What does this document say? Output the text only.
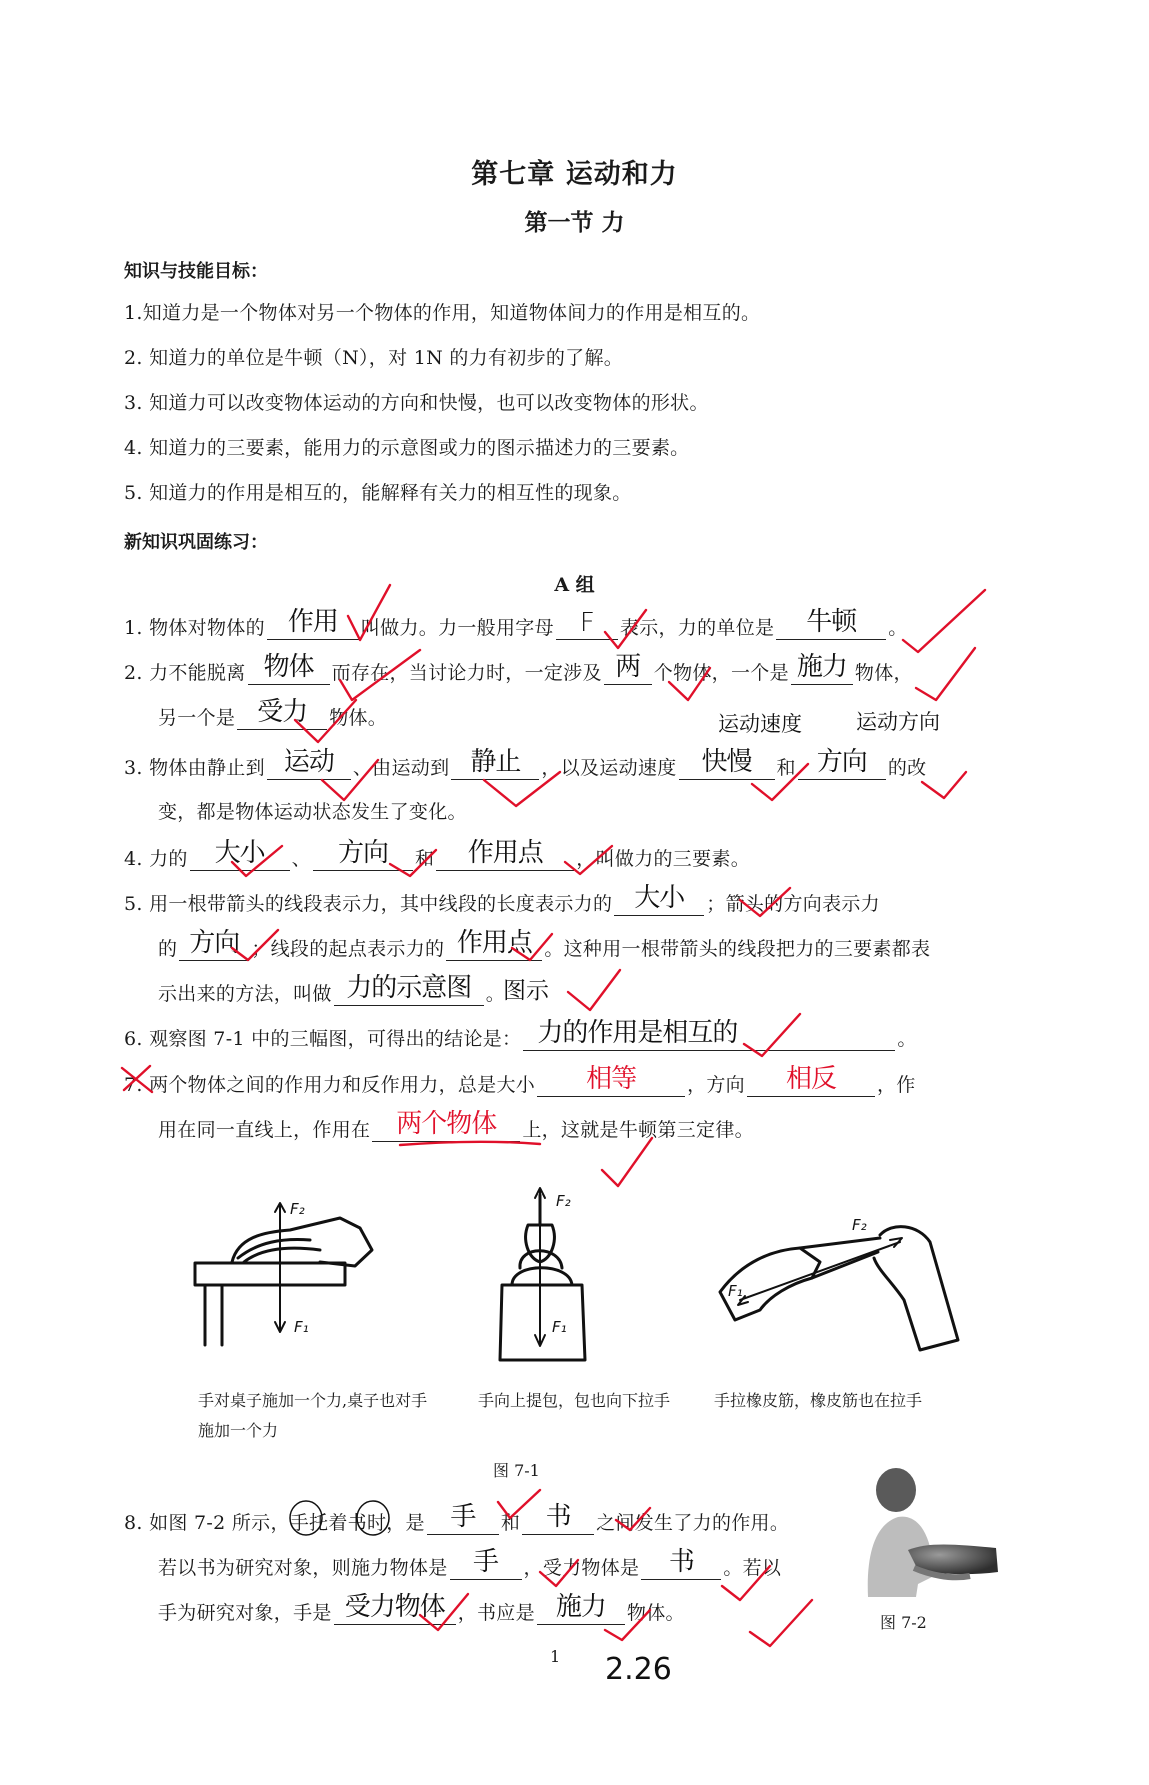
第七章 运动和力
第一节 力
知识与技能目标：
1.知道力是一个物体对另一个物体的作用，知道物体间力的作用是相互的。
2. 知道力的单位是牛顿（N），对 1N 的力有初步的了解。
3. 知道力可以改变物体运动的方向和快慢，也可以改变物体的形状。
4. 知道力的三要素，能用力的示意图或力的图示描述力的三要素。
5. 知道力的作用是相互的，能解释有关力的相互性的现象。
新知识巩固练习：
A 组
1. 物体对物体的 作用	叫做力。力一般用字母	F	表示，力的单位是	牛顿	。
2. 力不能脱离 物体 而存在，当讨论力时，一定涉及 两 个物体，一个是 施力 物体，
另一个是 受力	物体。	运动速度	运动方向
3. 物体由静止到 运动	、由运动到 静止	，以及运动速度 快慢	和 方向	的改
变，都是物体运动状态发生了变化。
4. 力的	大小	、	方向	和	作用点	，叫做力的三要素。
5. 用一根带箭头的线段表示力，其中线段的长度表示力的 大小	；箭头的方向表示力
的 方向 ；线段的起点表示力的 作用点 。这种用一根带箭头的线段把力的三要素都表
示出来的方法，叫做 力的示意图 。
图示
6. 观察图 7-1 中的三幅图，可得出的结论是： 力的作用是相互的	。
7. 两个物体之间的作用力和反作用力，总是大小	相等	，方向	相反	，作
用在同一直线上，作用在 两个物体	上，这就是牛顿第三定律。
F₂
F₁
F₂
F₁
F₂
F₁
手对桌子施加一个力,桌子也对手施加一个力
手向上提包，包也向下拉手	手拉橡皮筋，橡皮筋也在拉手
图 7-1
8. 如图 7-2 所示，手托着书时，是 手	和 书	之间发生了力的作用。
若以书为研究对象，则施力物体是 手	，受力物体是	书	。若以
手为研究对象，手是 受力物体 ，书应是 施力	物体。	图 7-2
1 2.26
